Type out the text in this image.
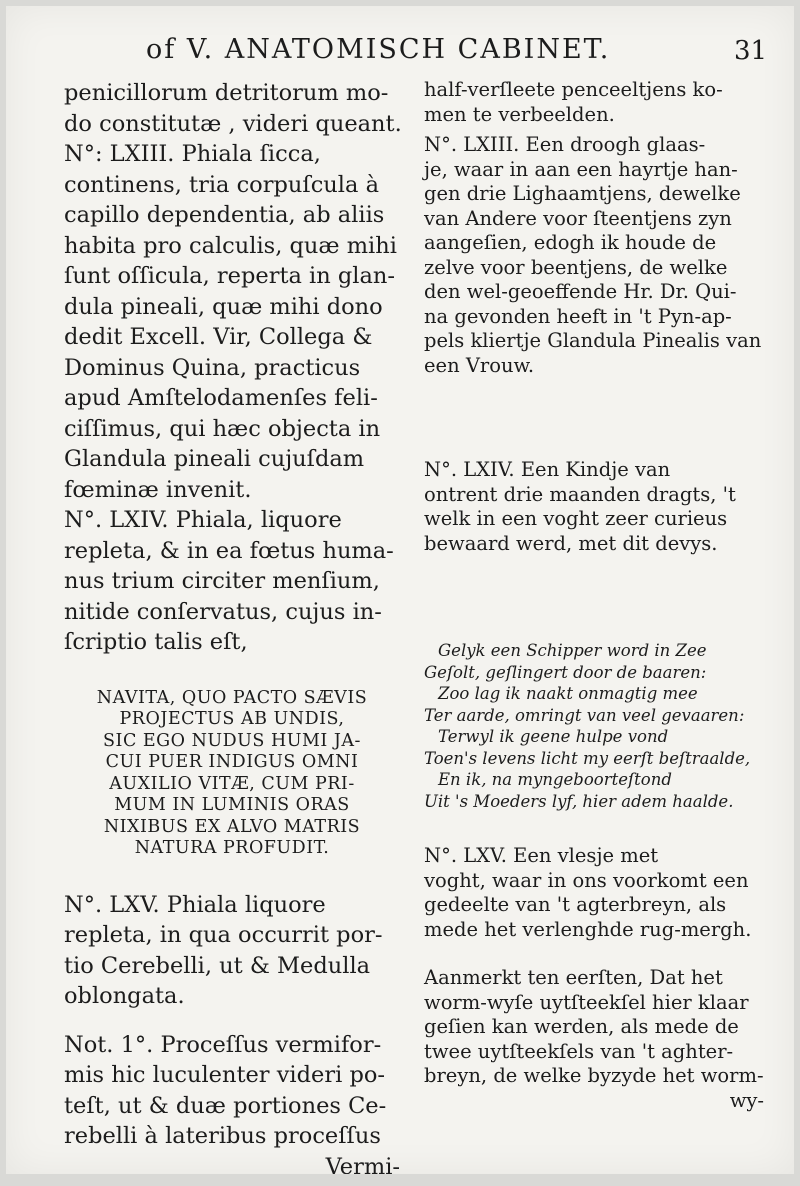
of V. ANATOMISCH CABINET.	31
penicillorum detritorum mo-
do constitutæ , videri queant.
N°: LXIII. Phiala ſicca,
continens, tria corpuſcula à
capillo dependentia, ab aliis
habita pro calculis, quæ mihi
ſunt oſſicula, reperta in glan-
dula pineali, quæ mihi dono
dedit Excell. Vir, Collega &
Dominus Quina, practicus
apud Amſtelodamenſes feli-
ciſſimus, qui hæc objecta in
Glandula pineali cujuſdam
fœminæ invenit.
N°. LXIV. Phiala, liquore
repleta, & in ea fœtus huma-
nus trium circiter menſium,
nitide conſervatus, cujus in-
ſcriptio talis eſt,
NAVITA, QUO PACTO SÆVIS
PROJECTUS AB UNDIS,
SIC EGO NUDUS HUMI JA-
CUI PUER INDIGUS OMNI
AUXILIO VITÆ, CUM PRI-
MUM IN LUMINIS ORAS
NIXIBUS EX ALVO MATRIS
NATURA PROFUDIT.
N°. LXV. Phiala liquore
repleta, in qua occurrit por-
tio Cerebelli, ut & Medulla
oblongata.
Not. 1°. Proceſſus vermifor-
mis hic luculenter videri po-
teſt, ut & duæ portiones Ce-
rebelli à lateribus proceſſus
Vermi-
half-verſleete penceeltjens ko-
men te verbeelden.
N°. LXIII. Een droogh glaas-
je, waar in aan een hayrtje han-
gen drie Lighaamtjens, dewelke
van Andere voor ſteentjens zyn
aangeſien, edogh ik houde de
zelve voor beentjens, de welke
den wel-geoeffende Hr. Dr. Qui-
na gevonden heeft in 't Pyn-ap-
pels kliertje Glandula Pinealis van
een Vrouw.
N°. LXIV. Een Kindje van
ontrent drie maanden dragts, 't
welk in een voght zeer curieus
bewaard werd, met dit devys.
Gelyk een Schipper word in Zee
Geſolt, geſlingert door de baaren:
Zoo lag ik naakt onmagtig mee
Ter aarde, omringt van veel gevaaren:
Terwyl ik geene hulpe vond
Toen's levens licht my eerſt beſtraalde,
En ik, na myngeboorteſtond
Uit 's Moeders lyf, hier adem haalde.
N°. LXV. Een vlesje met
voght, waar in ons voorkomt een
gedeelte van 't agterbreyn, als
mede het verlenghde rug-mergh.
Aanmerkt ten eerſten, Dat het
worm-wyſe uytſteekſel hier klaar
geſien kan werden, als mede de
twee uytſteekſels van 't aghter-
breyn, de welke byzyde het worm-
wy-
